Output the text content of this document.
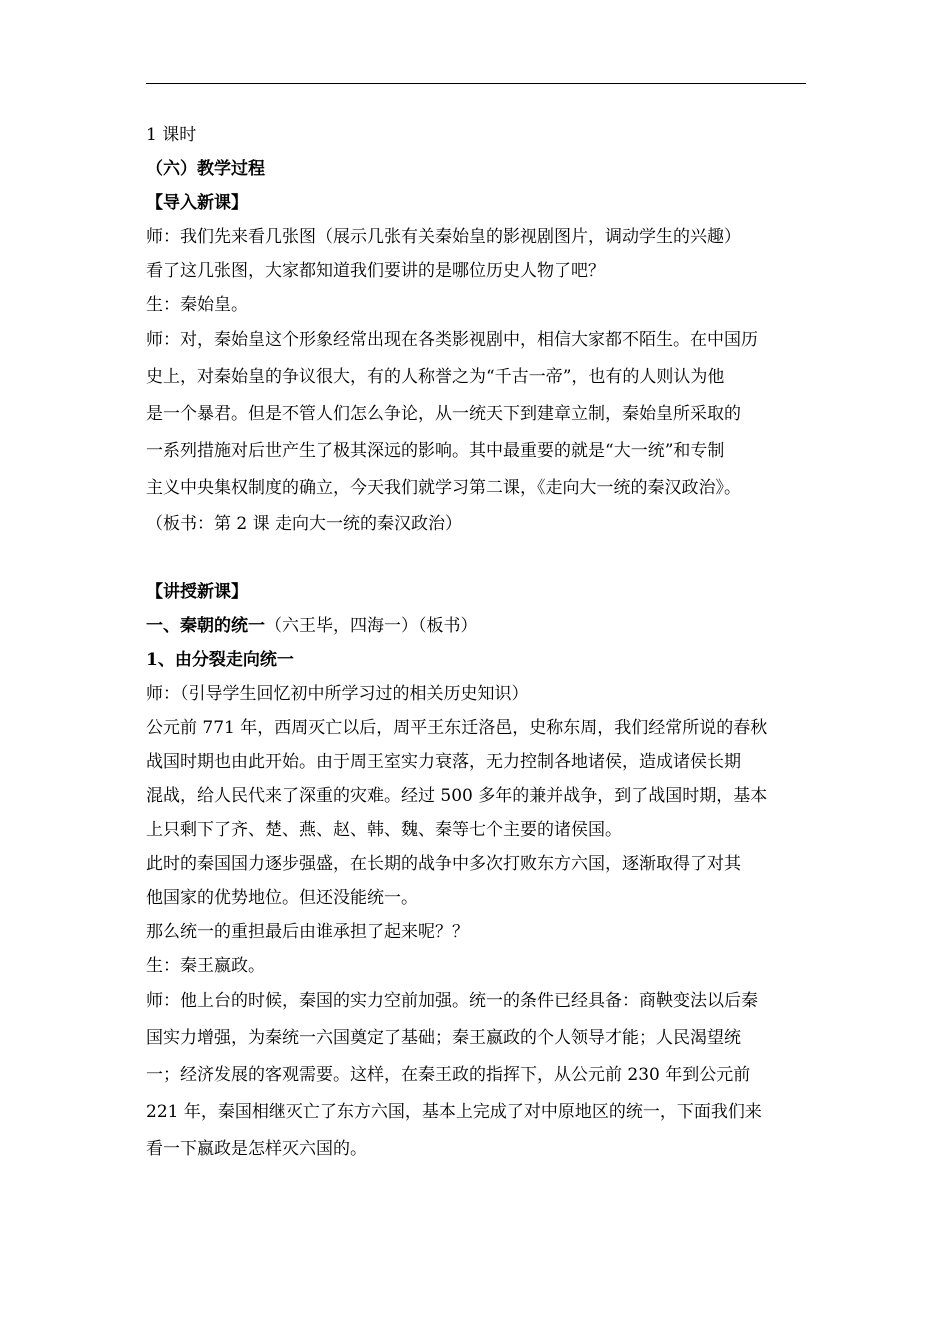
1 课时
（六）教学过程
【导入新课】
师：我们先来看几张图（展示几张有关秦始皇的影视剧图片，调动学生的兴趣）
看了这几张图，大家都知道我们要讲的是哪位历史人物了吧？
生：秦始皇。
师：对，秦始皇这个形象经常出现在各类影视剧中，相信大家都不陌生。在中国历
史上，对秦始皇的争议很大，有的人称誉之为“千古一帝”，也有的人则认为他
是一个暴君。但是不管人们怎么争论，从一统天下到建章立制，秦始皇所采取的
一系列措施对后世产生了极其深远的影响。其中最重要的就是“大一统”和专制
主义中央集权制度的确立，今天我们就学习第二课，《走向大一统的秦汉政治》。
（板书：第 2 课 走向大一统的秦汉政治）
【讲授新课】
一、秦朝的统一（六王毕，四海一）（板书）
1、由分裂走向统一
师：（引导学生回忆初中所学习过的相关历史知识）
公元前 771 年，西周灭亡以后，周平王东迁洛邑，史称东周，我们经常所说的春秋
战国时期也由此开始。由于周王室实力衰落，无力控制各地诸侯，造成诸侯长期
混战，给人民代来了深重的灾难。经过 500 多年的兼并战争，到了战国时期，基本
上只剩下了齐、楚、燕、赵、韩、魏、秦等七个主要的诸侯国。
此时的秦国国力逐步强盛，在长期的战争中多次打败东方六国，逐渐取得了对其
他国家的优势地位。但还没能统一。
那么统一的重担最后由谁承担了起来呢？？
生：秦王嬴政。
师：他上台的时候，秦国的实力空前加强。统一的条件已经具备：商鞅变法以后秦
国实力增强，为秦统一六国奠定了基础；秦王嬴政的个人领导才能；人民渴望统
一；经济发展的客观需要。这样，在秦王政的指挥下，从公元前 230 年到公元前
221 年，秦国相继灭亡了东方六国，基本上完成了对中原地区的统一，下面我们来
看一下嬴政是怎样灭六国的。
